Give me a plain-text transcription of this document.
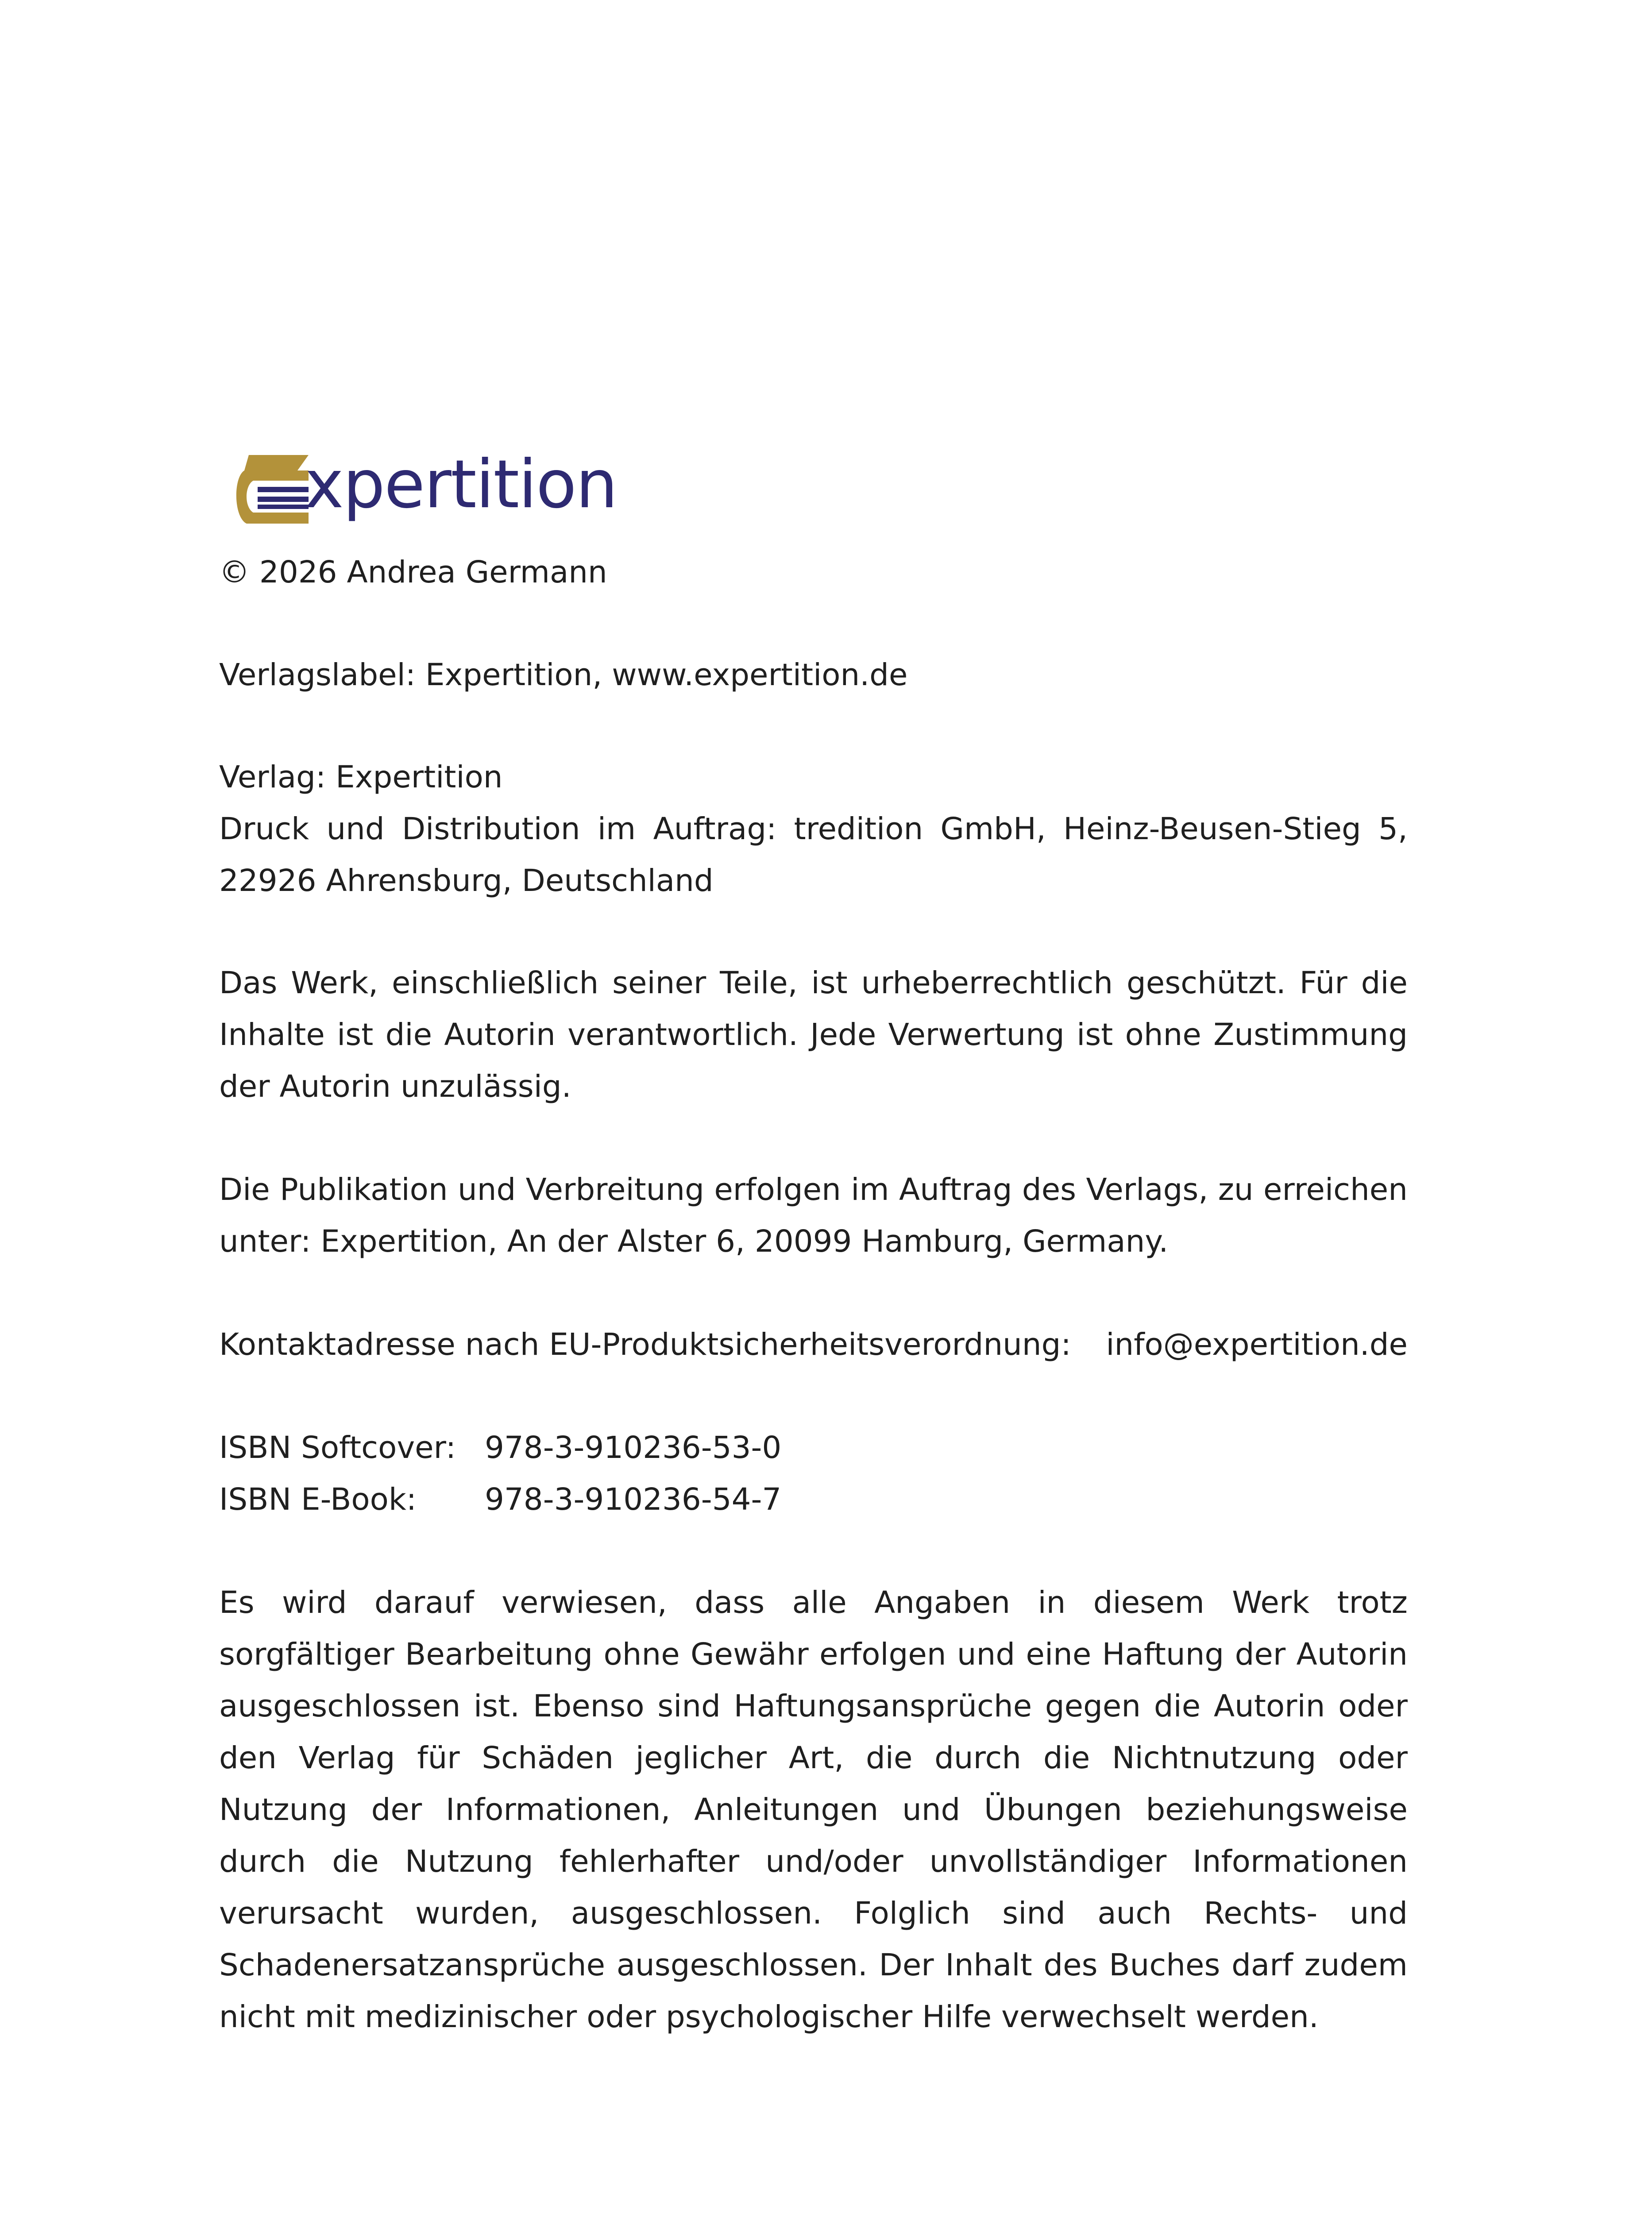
xpertition

© 2026 Andrea Germann

Verlagslabel: Expertition, www.expertition.de

Verlag: Expertition
Druck und Distribution im Auftrag: tredition GmbH, Heinz-Beusen-Stieg 5,
22926 Ahrensburg, Deutschland

Das Werk, einschließlich seiner Teile, ist urheberrechtlich geschützt. Für die Inhalte ist die Autorin verantwortlich. Jede Verwertung ist ohne Zustimmung der Autorin unzulässig.

Die Publikation und Verbreitung erfolgen im Auftrag des Verlags, zu erreichen unter: Expertition, An der Alster 6, 20099 Hamburg, Germany.

Kontaktadresse nach EU-Produktsicherheitsverordnung: info@expertition.de
ISBN Softcover: 978-3-910236-53-0
ISBN E-Book:	978-3-910236-54-7

Es wird darauf verwiesen, dass alle Angaben in diesem Werk trotz sorgfältiger Bearbeitung ohne Gewähr erfolgen und eine Haftung der Autorin ausgeschlossen ist. Ebenso sind Haftungsansprüche gegen die Autorin oder den Verlag für Schäden jeglicher Art, die durch die Nichtnutzung oder Nutzung der Informationen, Anleitungen und Übungen beziehungsweise durch die Nutzung fehlerhafter und/oder unvollständiger Informationen verursacht wurden, ausgeschlossen. Folglich sind auch Rechts- und Schadenersatzansprüche ausgeschlossen. Der Inhalt des Buches darf zudem nicht mit medizinischer oder psychologischer Hilfe verwechselt werden.
